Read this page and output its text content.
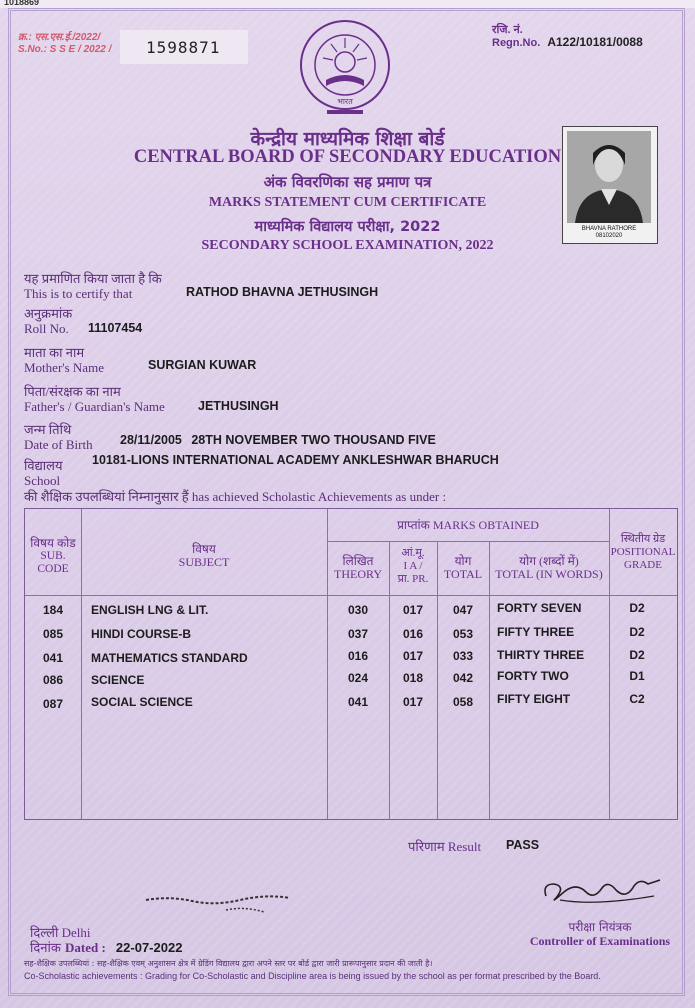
1018869
क्र.: एस.एस.ई./2022/
S.No.: S S E / 2022 / 1598871
रजि. नं.
Regn.No. A122/10181/0088
भारत
केन्द्रीय माध्यमिक शिक्षा बोर्ड
CENTRAL BOARD OF SECONDARY EDUCATION
अंक विवरणिका सह प्रमाण पत्र
MARKS STATEMENT CUM CERTIFICATE
माध्यमिक विद्यालय परीक्षा, 2022
SECONDARY SCHOOL EXAMINATION, 2022
BHAVNA RATHORE
08102020
यह प्रमाणित किया जाता है कि
This is to certify that	RATHOD BHAVNA JETHUSINGH
अनुक्रमांक
Roll No. 11107454
माता का नाम
Mother's Name	SURGIAN KUWAR
पिता/संरक्षक का नाम
Father's / Guardian's Name	JETHUSINGH
जन्म तिथि
Date of Birth 28/11/2005 28TH NOVEMBER TWO THOUSAND FIVE
विद्यालय
School
10181-LIONS INTERNATIONAL ACADEMY ANKLESHWAR BHARUCH
की शैक्षिक उपलब्धियां निम्नानुसार हैं has achieved Scholastic Achievements as under :
विषय कोड
SUB. CODE
विषय
SUBJECT
प्राप्तांक MARKS OBTAINED
लिखित
THEORY
आं.मू.
I A /
प्रा. PR.
योग
TOTAL
योग (शब्दों में)
TOTAL (IN WORDS)
स्थितीय ग्रेड
POSITIONAL GRADE
184	ENGLISH LNG & LIT.	030	017	047	FORTY SEVEN	D2
085	HINDI COURSE-B	037	016	053	FIFTY THREE	D2
041	MATHEMATICS STANDARD	016	017	033	THIRTY THREE	D2
086	SCIENCE	024	018	042	FORTY TWO	D1
087	SOCIAL SCIENCE	041	017	058	FIFTY EIGHT	C2
परिणाम Result PASS
दिल्ली Delhi
दिनांक Dated : 22-07-2022
परीक्षा नियंत्रक
Controller of Examinations
सह-शैक्षिक उपलब्धियां : सह-शैक्षिक एवम् अनुशासन क्षेत्र में ग्रेडिंग विद्यालय द्वारा अपने स्तर पर बोर्ड द्वारा जारी प्रारूपानुसार प्रदान की जाती है।
Co-Scholastic achievements : Grading for Co-Scholastic and Discipline area is being issued by the school as per format prescribed by the Board.
